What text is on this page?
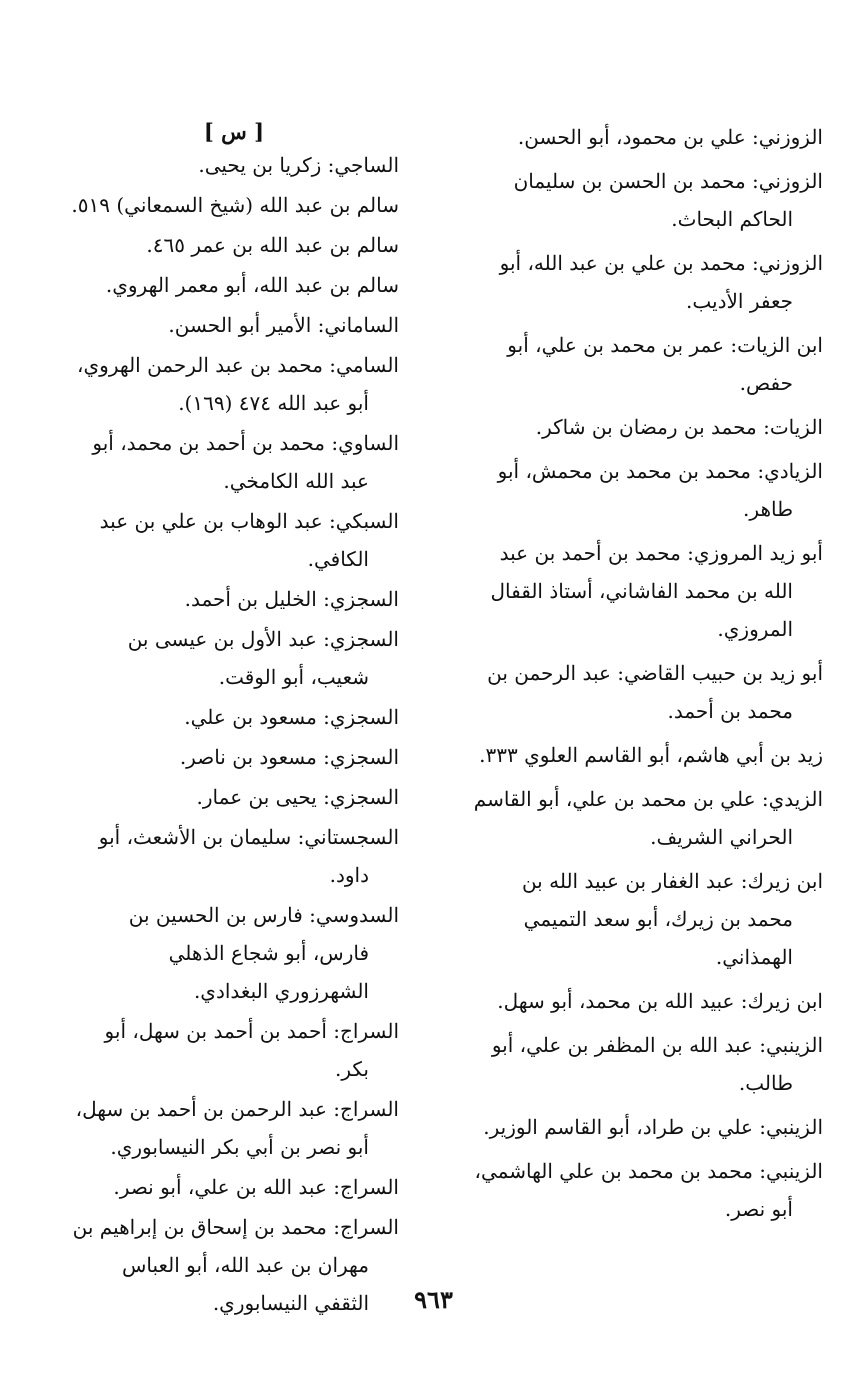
الزوزني: علي بن محمود، أبو الحسن.

الزوزني: محمد بن الحسن بن سليمان الحاكم البحاث.

الزوزني: محمد بن علي بن عبد الله، أبو جعفر الأديب.

ابن الزيات: عمر بن محمد بن علي، أبو حفص.

الزيات: محمد بن رمضان بن شاكر.

الزيادي: محمد بن محمد بن محمش، أبو طاهر.

أبو زيد المروزي: محمد بن أحمد بن عبد الله بن محمد الفاشاني، أستاذ القفال المروزي.

أبو زيد بن حبيب القاضي: عبد الرحمن بن محمد بن أحمد.

زيد بن أبي هاشم، أبو القاسم العلوي ٣٣٣.

الزيدي: علي بن محمد بن علي، أبو القاسم الحراني الشريف.

ابن زيرك: عبد الغفار بن عبيد الله بن محمد بن زيرك، أبو سعد التميمي الهمذاني.

ابن زيرك: عبيد الله بن محمد، أبو سهل.

الزينبي: عبد الله بن المظفر بن علي، أبو طالب.

الزينبي: علي بن طراد، أبو القاسم الوزير.

الزينبي: محمد بن محمد بن علي الهاشمي، أبو نصر.

[ س ]

الساجي: زكريا بن يحيى.

سالم بن عبد الله (شيخ السمعاني) ٥١٩.

سالم بن عبد الله بن عمر ٤٦٥.

سالم بن عبد الله، أبو معمر الهروي.

الساماني: الأمير أبو الحسن.

السامي: محمد بن عبد الرحمن الهروي، أبو عبد الله ٤٧٤ (١٦٩).

الساوي: محمد بن أحمد بن محمد، أبو عبد الله الكامخي.

السبكي: عبد الوهاب بن علي بن عبد الكافي.

السجزي: الخليل بن أحمد.

السجزي: عبد الأول بن عيسى بن شعيب، أبو الوقت.

السجزي: مسعود بن علي.

السجزي: مسعود بن ناصر.

السجزي: يحيى بن عمار.

السجستاني: سليمان بن الأشعث، أبو داود.

السدوسي: فارس بن الحسين بن فارس، أبو شجاع الذهلي الشهرزوري البغدادي.

السراج: أحمد بن أحمد بن سهل، أبو بكر.

السراج: عبد الرحمن بن أحمد بن سهل، أبو نصر بن أبي بكر النيسابوري.

السراج: عبد الله بن علي، أبو نصر.

السراج: محمد بن إسحاق بن إبراهيم بن مهران بن عبد الله، أبو العباس الثقفي النيسابوري.	٩٦٣
